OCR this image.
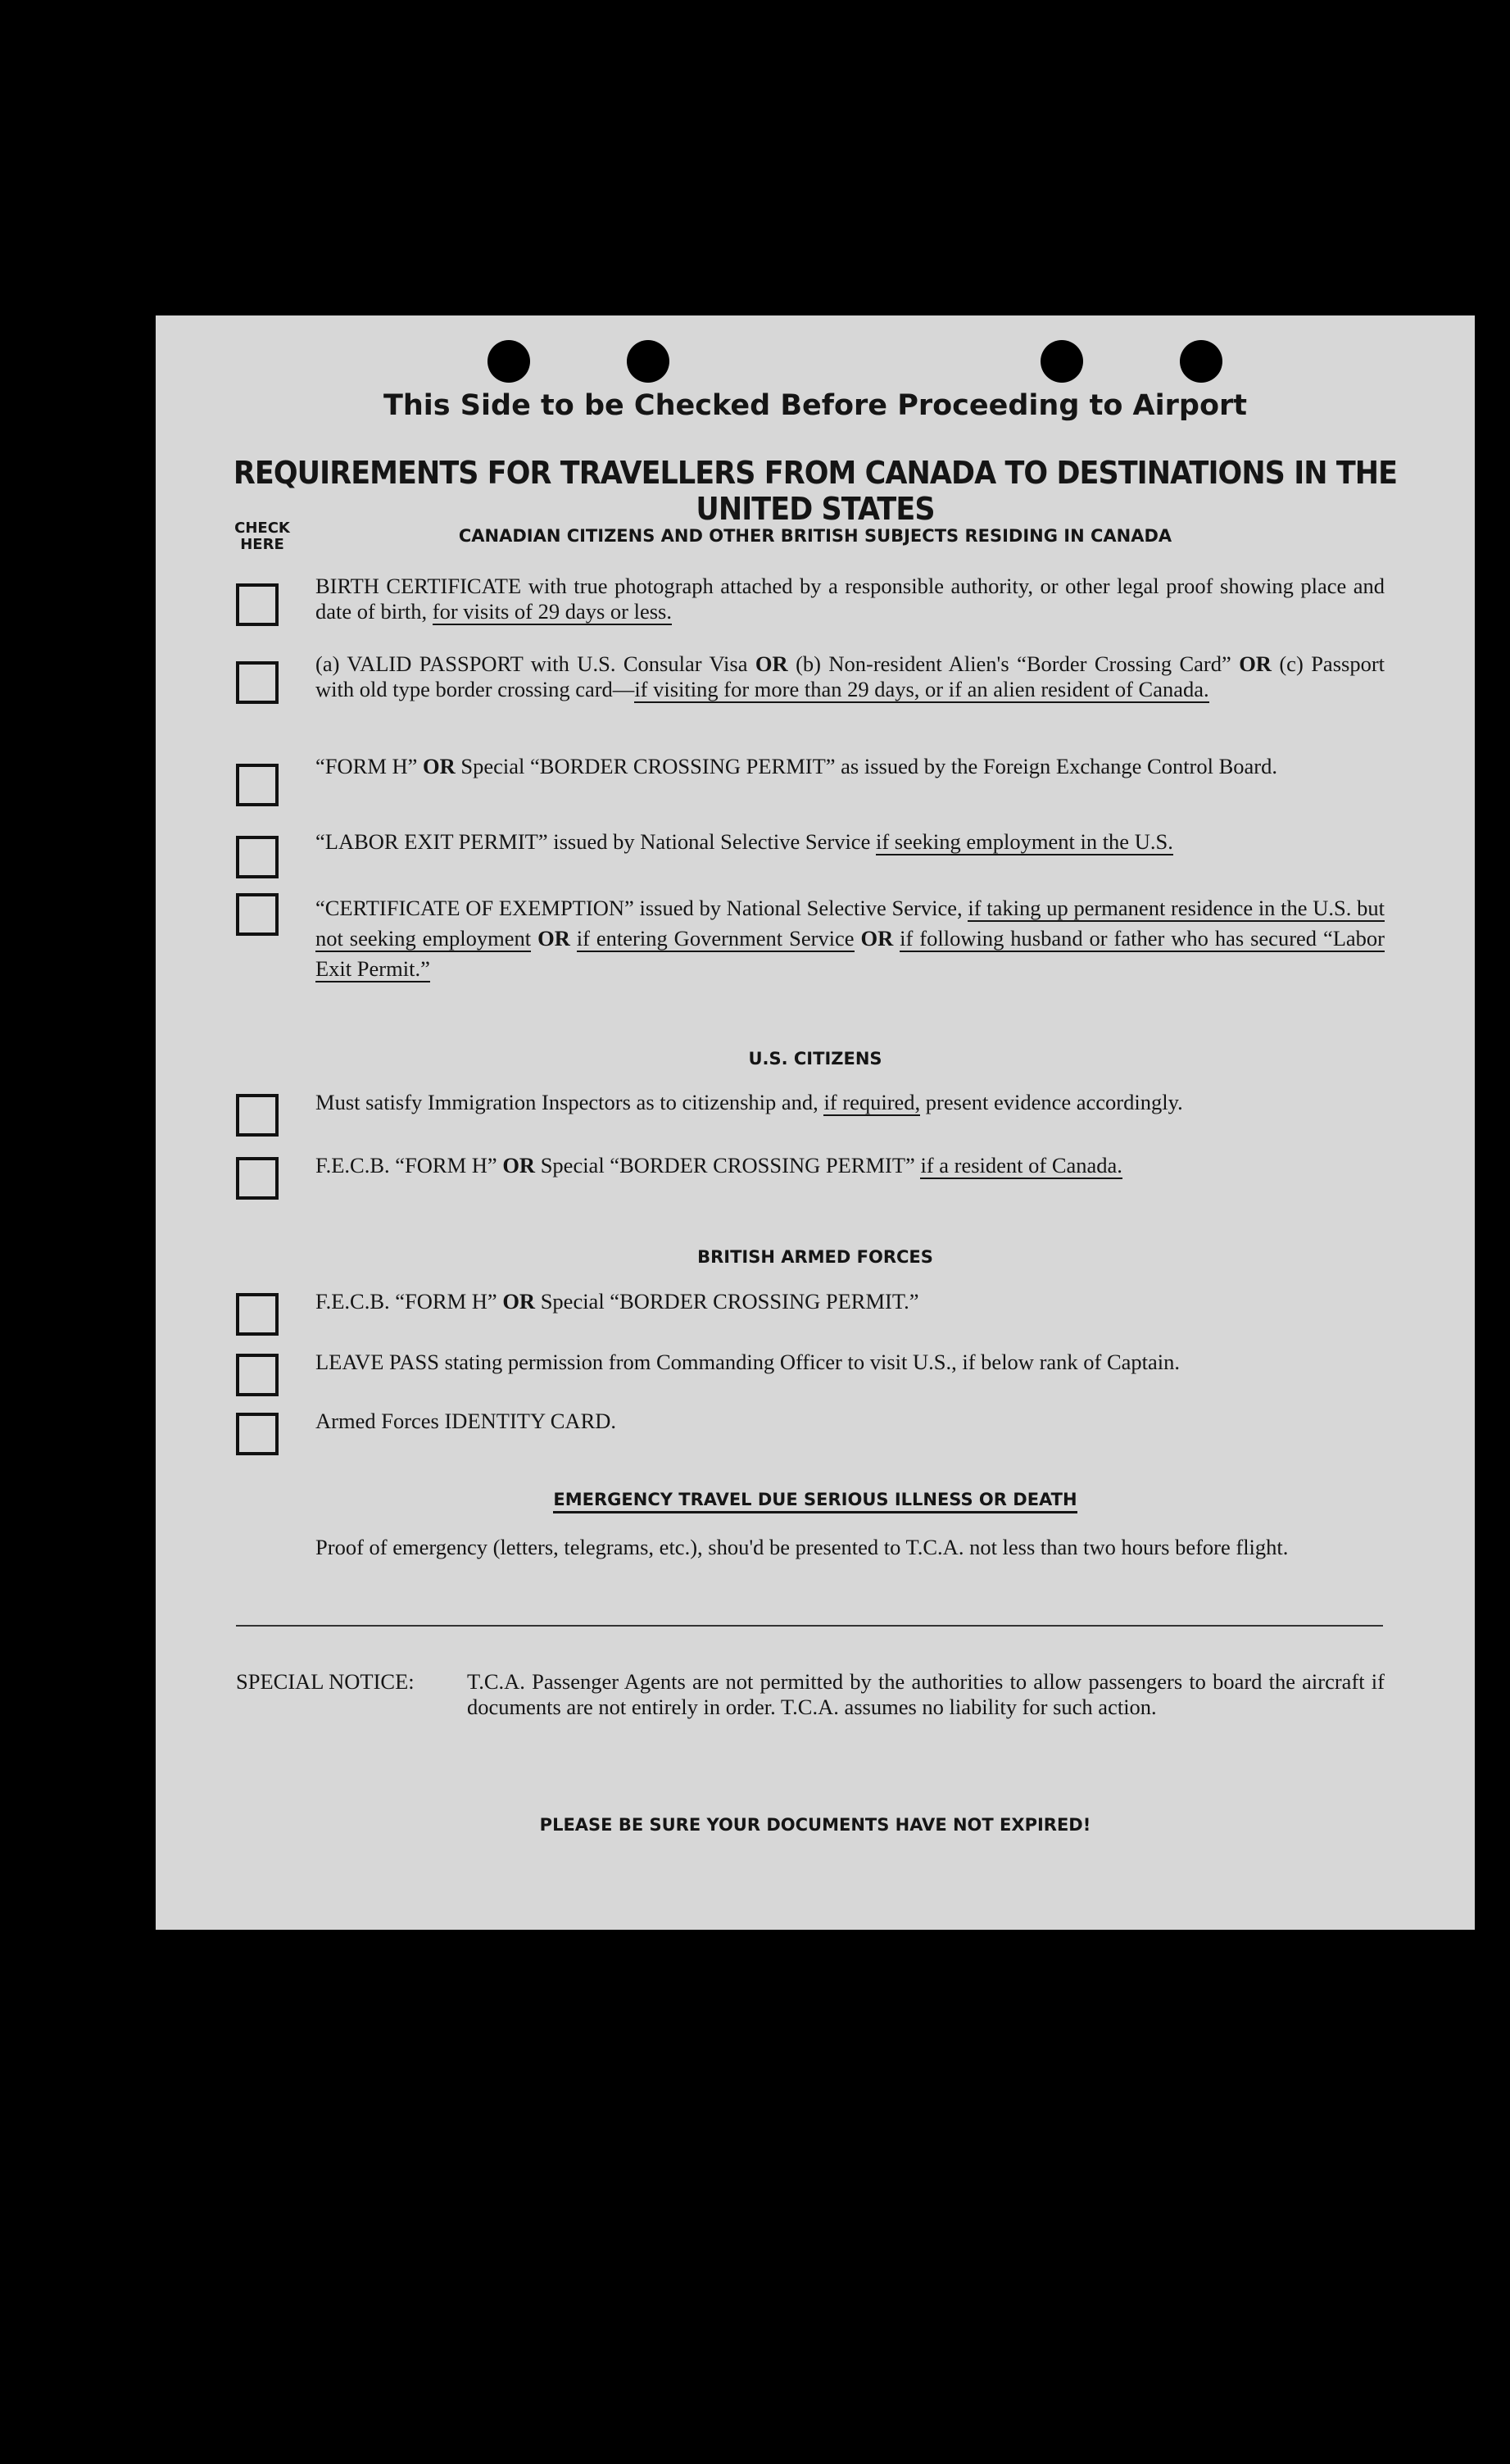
This Side to be Checked Before Proceeding to Airport
REQUIREMENTS FOR TRAVELLERS FROM CANADA TO DESTINATIONS IN THE UNITED STATES
CHECK HERE	CANADIAN CITIZENS AND OTHER BRITISH SUBJECTS RESIDING IN CANADA
BIRTH CERTIFICATE with true photograph attached by a responsible authority, or other legal proof showing place and date of birth, for visits of 29 days or less.
(a) VALID PASSPORT with U.S. Consular Visa OR (b) Non-resident Alien's “Border Crossing Card” OR (c) Passport with old type border crossing card—if visiting for more than 29 days, or if an alien resident of Canada.
“FORM H” OR Special “BORDER CROSSING PERMIT” as issued by the Foreign Exchange Control Board.
“LABOR EXIT PERMIT” issued by National Selective Service if seeking employment in the U.S.
“CERTIFICATE OF EXEMPTION” issued by National Selective Service, if taking up permanent residence in the U.S. but not seeking employment OR if entering Government Service OR if following husband or father who has secured “Labor Exit Permit.”
U.S. CITIZENS
Must satisfy Immigration Inspectors as to citizenship and, if required, present evidence accordingly.
F.E.C.B. “FORM H” OR Special “BORDER CROSSING PERMIT” if a resident of Canada.
BRITISH ARMED FORCES
F.E.C.B. “FORM H” OR Special “BORDER CROSSING PERMIT.”
LEAVE PASS stating permission from Commanding Officer to visit U.S., if below rank of Captain.
Armed Forces IDENTITY CARD.
EMERGENCY TRAVEL DUE SERIOUS ILLNESS OR DEATH
Proof of emergency (letters, telegrams, etc.), shou'd be presented to T.C.A. not less than two hours before flight.
SPECIAL NOTICE: T.C.A. Passenger Agents are not permitted by the authorities to allow passengers to board the aircraft if documents are not entirely in order. T.C.A. assumes no liability for such action.
PLEASE BE SURE YOUR DOCUMENTS HAVE NOT EXPIRED!
